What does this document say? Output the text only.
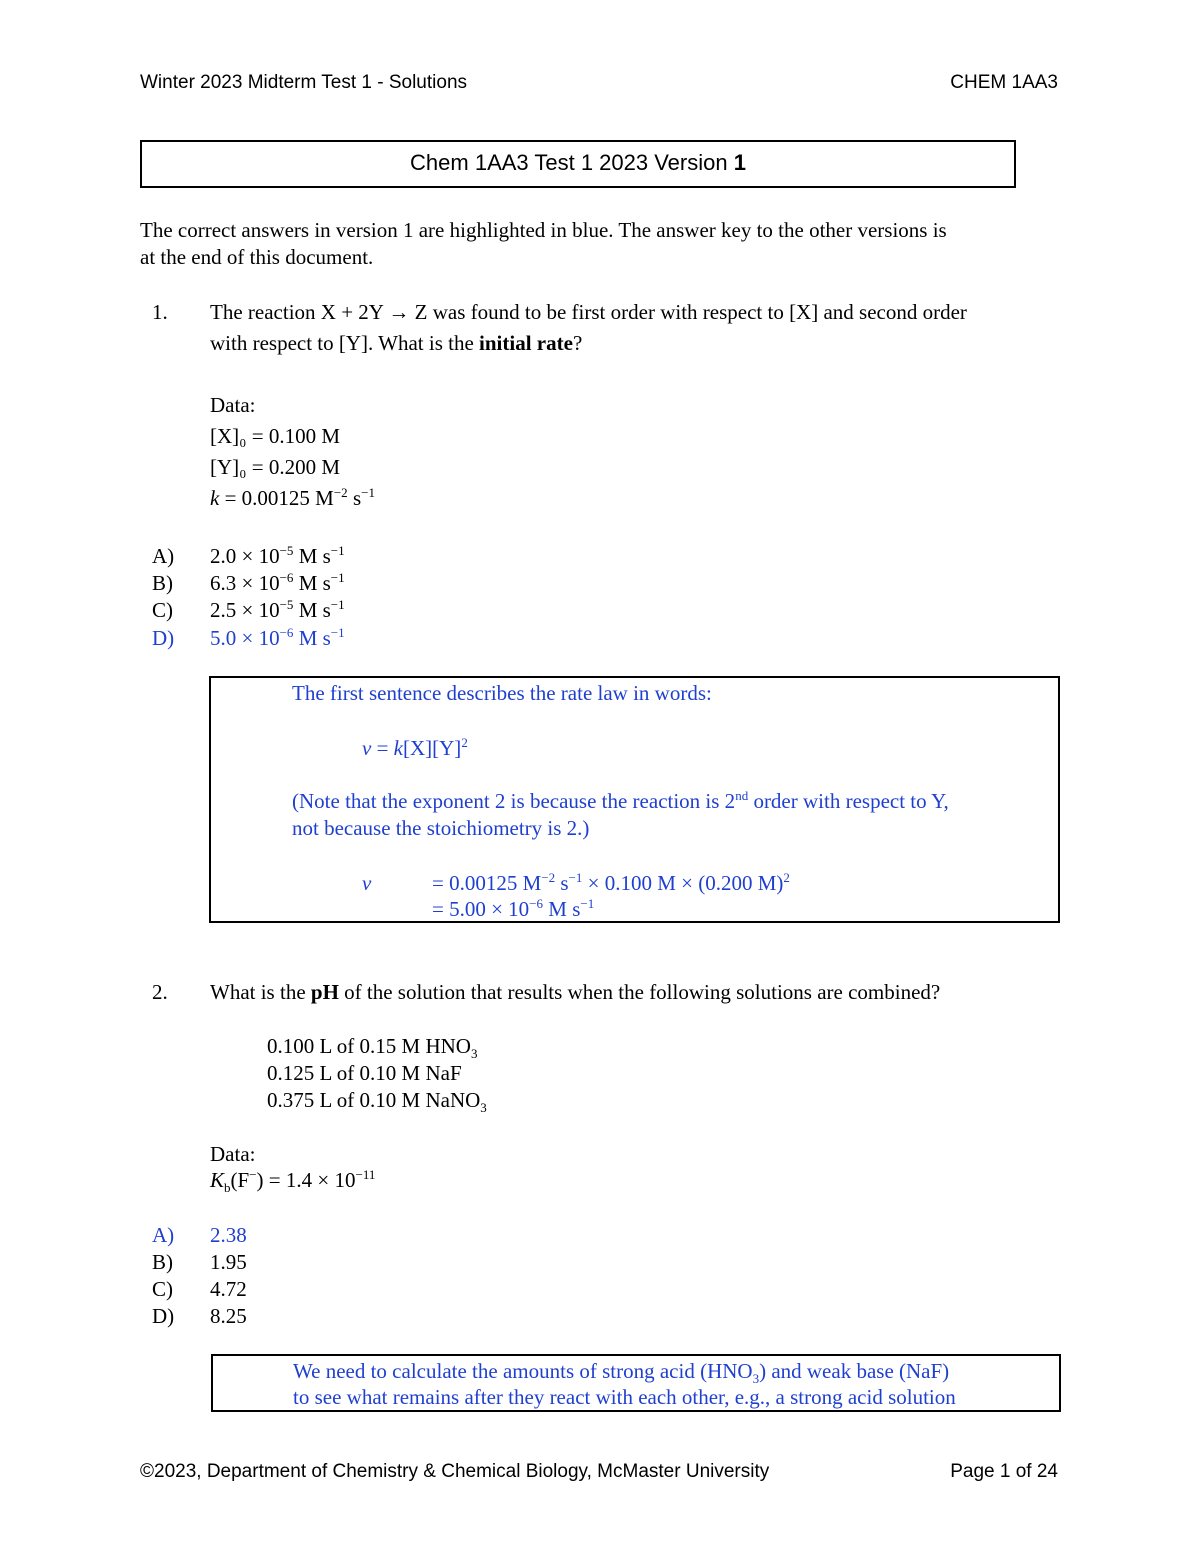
Winter 2023 Midterm Test 1 - Solutions	CHEM 1AA3
Chem 1AA3 Test 1 2023 Version 1
The correct answers in version 1 are highlighted in blue. The answer key to the other versions is
at the end of this document.
1. The reaction X + 2Y → Z was found to be first order with respect to [X] and second order
with respect to [Y]. What is the initial rate?
Data:
[X]₀ = 0.100 M
[Y]₀ = 0.200 M
k = 0.00125 $M^{-2}$ $s^{-1}$
A) $2.0 \times 10^{-5}$ M $s^{-1}$
B) $6.3 \times 10^{-6}$ M $s^{-1}$
C) $2.5 \times 10^{-5}$ M $s^{-1}$
D) $5.0 \times 10^{-6}$ M $s^{-1}$
The first sentence describes the rate law in words:
$v = k[X][Y]^2$
(Note that the exponent 2 is because the reaction is 2nd order with respect to Y,
not because the stoichiometry is 2.)
v	= 0.00125 $M^{-2}$ $s^{-1} \times 0.100$ M × (0.200 M)$^2$
= $5.00 \times 10^{-6}$ M $s^{-1}$
2. What is the pH of the solution that results when the following solutions are combined?
0.100 L of 0.15 M $HNO_3$
0.125 L of 0.10 M NaF
0.375 L of 0.10 M NaNO$_3$
Data:
$K_b(F^-) = 1.4 \times 10^{-11}$
A) 2.38
B) 1.95
C) 4.72
D) 8.25
We need to calculate the amounts of strong acid $(HNO_3)$ and weak base (NaF)
to see what remains after they react with each other, e.g., a strong acid solution
©2023, Department of Chemistry & Chemical Biology, McMaster University	Page 1 of 24
